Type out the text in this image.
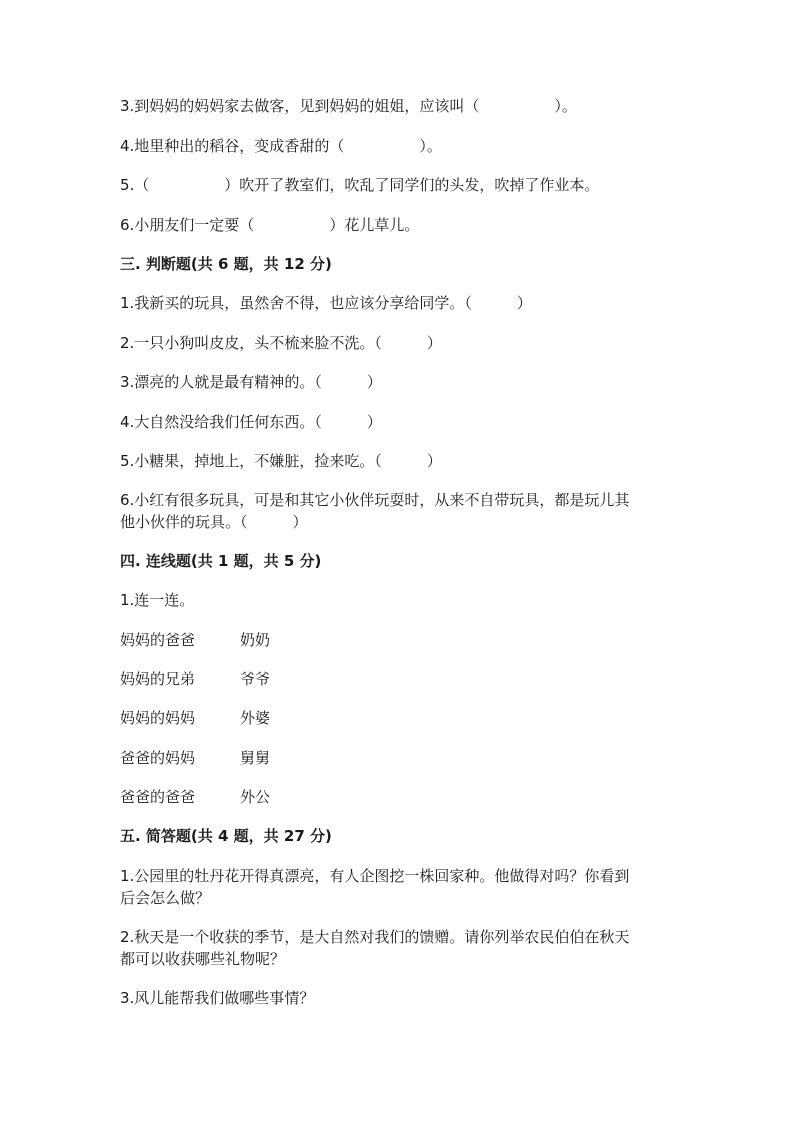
3.到妈妈的妈妈家去做客，见到妈妈的姐姐，应该叫（　　　　　）。
4.地里种出的稻谷，变成香甜的（　　　　　）。
5.（　　　　　）吹开了教室们，吹乱了同学们的头发，吹掉了作业本。
6.小朋友们一定要（　　　　　）花儿草儿。
三. 判断题(共 6 题，共 12 分)
1.我新买的玩具，虽然舍不得，也应该分享给同学。（　　　）
2.一只小狗叫皮皮，头不梳来脸不洗。（　　　）
3.漂亮的人就是最有精神的。（　　　）
4.大自然没给我们任何东西。（　　　）
5.小糖果，掉地上，不嫌脏，捡来吃。（　　　）
6.小红有很多玩具，可是和其它小伙伴玩耍时，从来不自带玩具，都是玩儿其
他小伙伴的玩具。（　　　）
四. 连线题(共 1 题，共 5 分)
1.连一连。
妈妈的爸爸	奶奶
妈妈的兄弟	爷爷
妈妈的妈妈	外婆
爸爸的妈妈	舅舅
爸爸的爸爸	外公
五. 简答题(共 4 题，共 27 分)
1.公园里的牡丹花开得真漂亮，有人企图挖一株回家种。他做得对吗？你看到
后会怎么做？
2.秋天是一个收获的季节，是大自然对我们的馈赠。请你列举农民伯伯在秋天
都可以收获哪些礼物呢？
3.风儿能帮我们做哪些事情？
